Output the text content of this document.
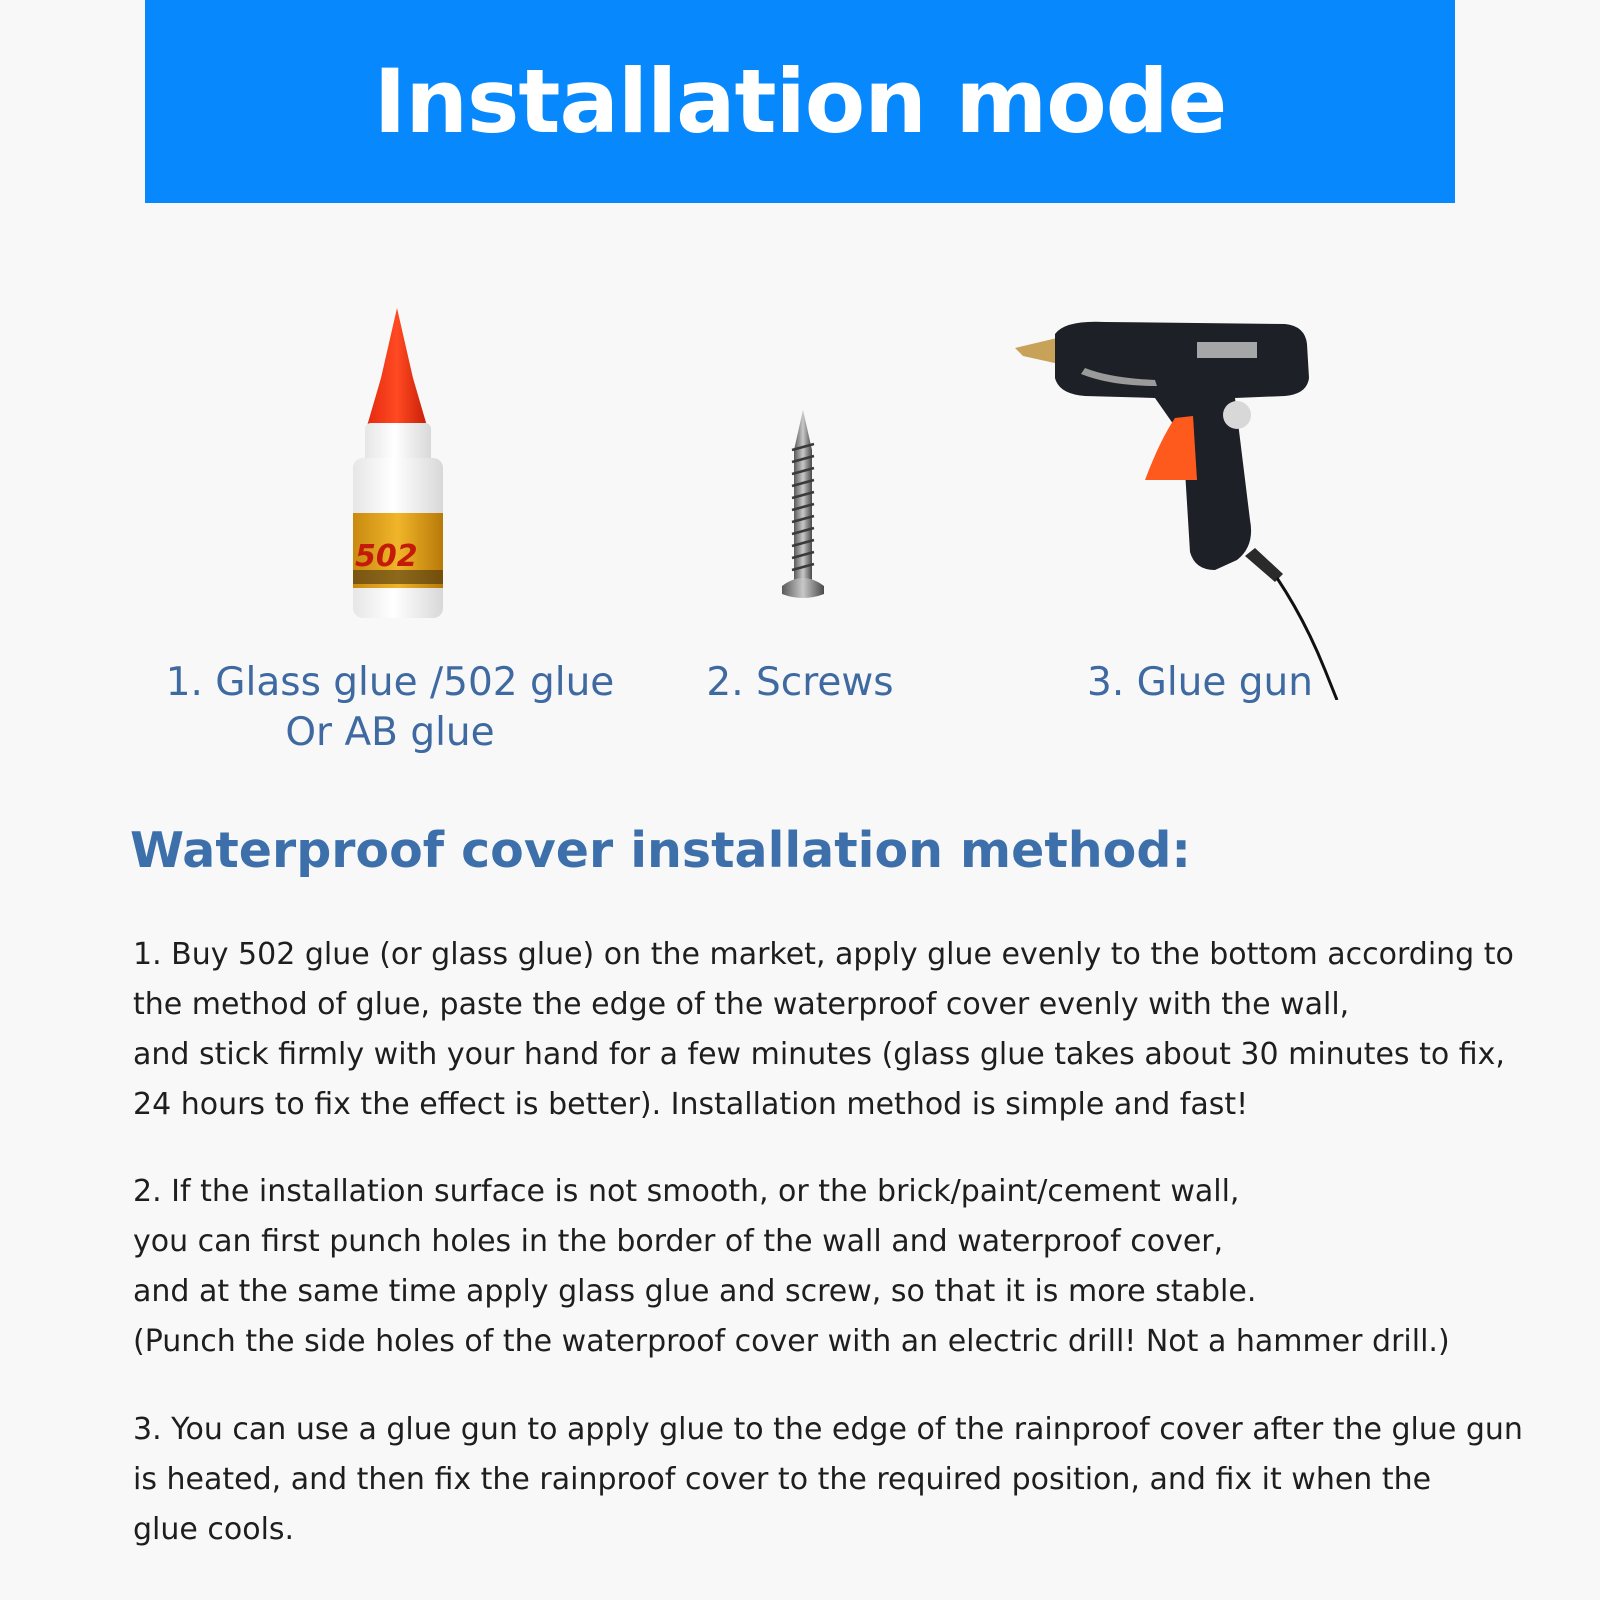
Installation mode
502
1. Glass glue /502 glue
Or AB glue
2. Screws	3. Glue gun
Waterproof cover installation method:
1. Buy 502 glue (or glass glue) on the market, apply glue evenly to the bottom according to
the method of glue, paste the edge of the waterproof cover evenly with the wall,
and stick firmly with your hand for a few minutes (glass glue takes about 30 minutes to fix,
24 hours to fix the effect is better). Installation method is simple and fast!
2. If the installation surface is not smooth, or the brick/paint/cement wall,
you can first punch holes in the border of the wall and waterproof cover,
and at the same time apply glass glue and screw, so that it is more stable.
(Punch the side holes of the waterproof cover with an electric drill! Not a hammer drill.)
3. You can use a glue gun to apply glue to the edge of the rainproof cover after the glue gun
is heated, and then fix the rainproof cover to the required position, and fix it when the
glue cools.
